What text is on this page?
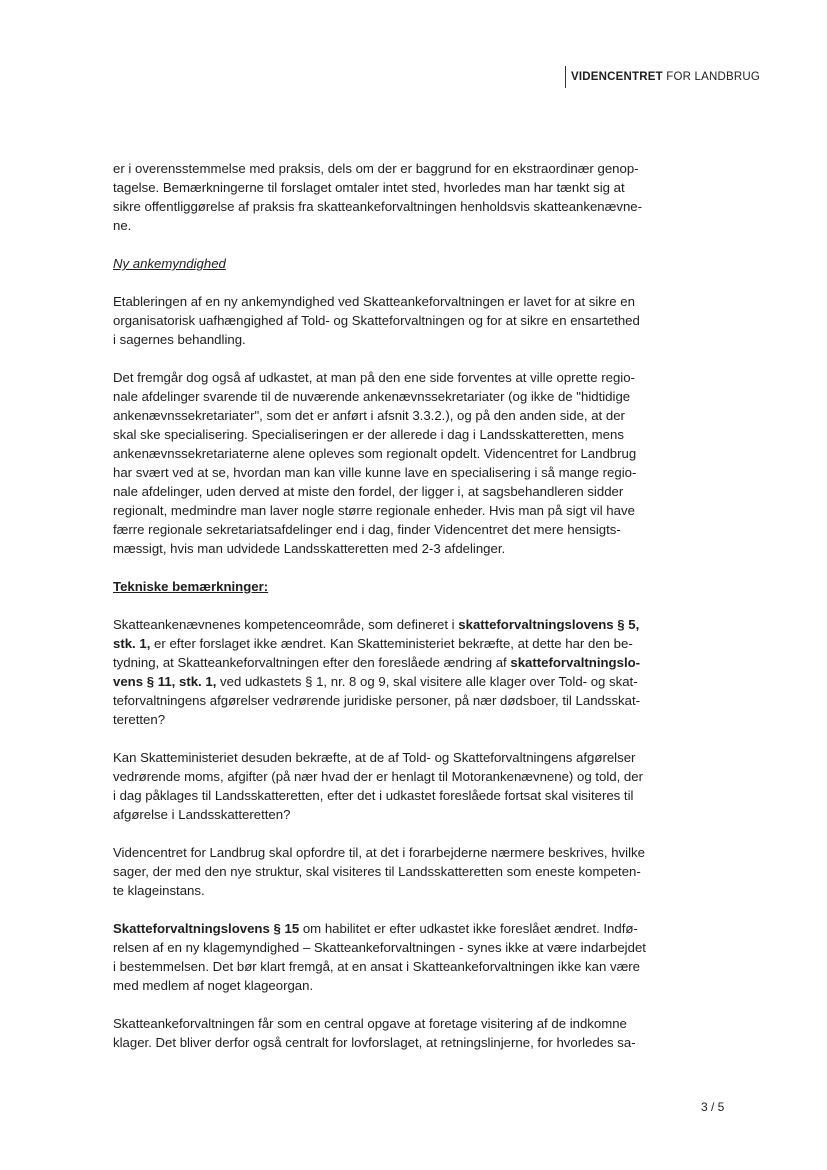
VIDENCENTRET FOR LANDBRUG
er i overensstemmelse med praksis, dels om der er baggrund for en ekstraordinær genop-
tagelse. Bemærkningerne til forslaget omtaler intet sted, hvorledes man har tænkt sig at
sikre offentliggørelse af praksis fra skatteankeforvaltningen henholdsvis skatteankenævne-
ne.
Ny ankemyndighed
Etableringen af en ny ankemyndighed ved Skatteankeforvaltningen er lavet for at sikre en
organisatorisk uafhængighed af Told- og Skatteforvaltningen og for at sikre en ensartethed
i sagernes behandling.
Det fremgår dog også af udkastet, at man på den ene side forventes at ville oprette regio-
nale afdelinger svarende til de nuværende ankenævnssekretariater (og ikke de "hidtidige
ankenævnssekretariater", som det er anført i afsnit 3.3.2.), og på den anden side, at der
skal ske specialisering. Specialiseringen er der allerede i dag i Landsskatteretten, mens
ankenævnssekretariaterne alene opleves som regionalt opdelt. Videncentret for Landbrug
har svært ved at se, hvordan man kan ville kunne lave en specialisering i så mange regio-
nale afdelinger, uden derved at miste den fordel, der ligger i, at sagsbehandleren sidder
regionalt, medmindre man laver nogle større regionale enheder. Hvis man på sigt vil have
færre regionale sekretariatsafdelinger end i dag, finder Videncentret det mere hensigts-
mæssigt, hvis man udvidede Landsskatteretten med 2-3 afdelinger.
Tekniske bemærkninger:
Skatteankenævnenes kompetenceområde, som defineret i skatteforvaltningslovens § 5,
stk. 1, er efter forslaget ikke ændret. Kan Skatteministeriet bekræfte, at dette har den be-
tydning, at Skatteankeforvaltningen efter den foreslåede ændring af skatteforvaltningslo-
vens § 11, stk. 1, ved udkastets § 1, nr. 8 og 9, skal visitere alle klager over Told- og skat-
teforvaltningens afgørelser vedrørende juridiske personer, på nær dødsboer, til Landsskat-
teretten?
Kan Skatteministeriet desuden bekræfte, at de af Told- og Skatteforvaltningens afgørelser
vedrørende moms, afgifter (på nær hvad der er henlagt til Motorankenævnene) og told, der
i dag påklages til Landsskatteretten, efter det i udkastet foreslåede fortsat skal visiteres til
afgørelse i Landsskatteretten?
Videncentret for Landbrug skal opfordre til, at det i forarbejderne nærmere beskrives, hvilke
sager, der med den nye struktur, skal visiteres til Landsskatteretten som eneste kompeten-
te klageinstans.
Skatteforvaltningslovens § 15 om habilitet er efter udkastet ikke foreslået ændret. Indfø-
relsen af en ny klagemyndighed – Skatteankeforvaltningen - synes ikke at være indarbejdet
i bestemmelsen. Det bør klart fremgå, at en ansat i Skatteankeforvaltningen ikke kan være
med medlem af noget klageorgan.
Skatteankeforvaltningen får som en central opgave at foretage visitering af de indkomne
klager. Det bliver derfor også centralt for lovforslaget, at retningslinjerne, for hvorledes sa-
3 / 5
